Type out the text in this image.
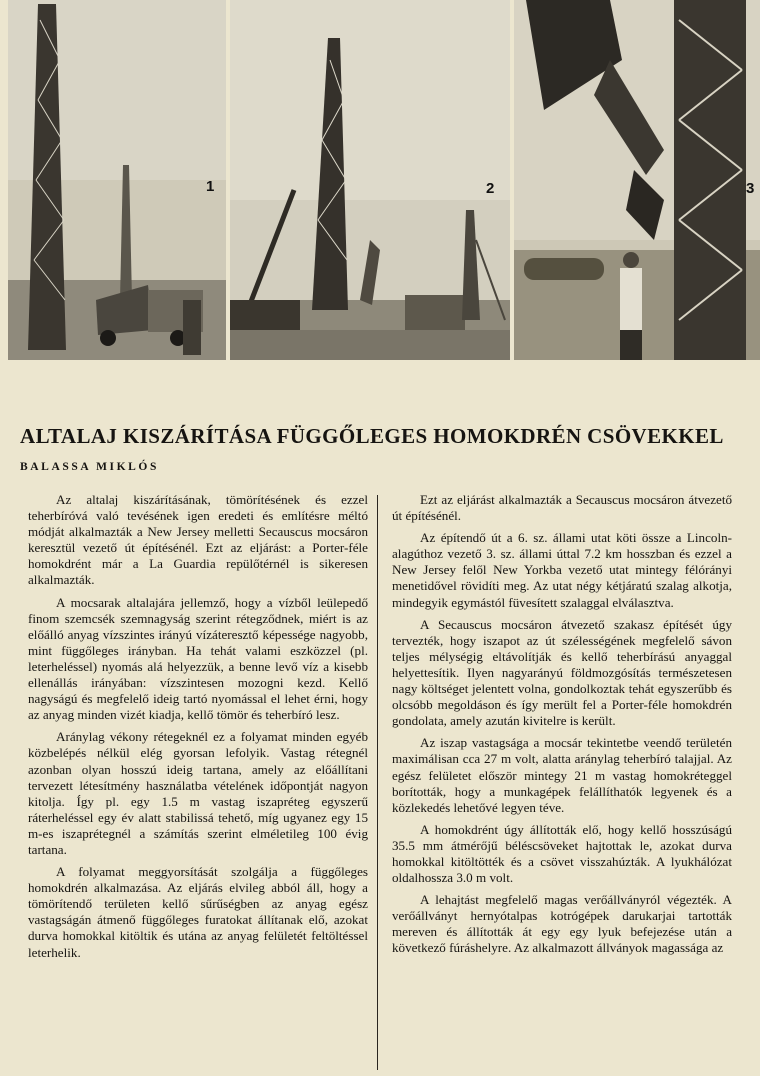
1	2	3
ALTALAJ KISZÁRÍTÁSA FÜGGŐLEGES HOMOKDRÉN CSÖVEKKEL
BALASSA MIKLÓS

Az altalaj kiszárításának, tömörítésének és ezzel teherbíróvá való tevésének igen eredeti és említésre méltó módját alkalmazták a New Jersey melletti Secauscus mocsáron keresztül vezető út építésénél. Ezt az eljárást: a Porter-féle homokdrént már a La Guardia repülőtérnél is sikeresen alkalmazták.

A mocsarak altalajára jellemző, hogy a vízből leülepedő finom szemcsék szemnagyság szerint rétegződnek, miért is az előálló anyag vízszintes irányú vízáteresztő képessége nagyobb, mint függőleges irányban. Ha tehát valami eszközzel (pl. leterheléssel) nyomás alá helyezzük, a benne levő víz a kisebb ellenállás irányában: vízszintesen mozogni kezd. Kellő nagyságú és megfelelő ideig tartó nyomással el lehet érni, hogy az anyag minden vizét kiadja, kellő tömör és teherbíró lesz.

Aránylag vékony rétegeknél ez a folyamat minden egyéb közbelépés nélkül elég gyorsan lefolyik. Vastag rétegnél azonban olyan hosszú ideig tartana, amely az előállítani tervezett létesítmény használatba vételének időpontját nagyon kitolja. Így pl. egy 1.5 m vastag iszapréteg egyszerű ráterheléssel egy év alatt stabilissá tehető, míg ugyanez egy 15 m-es iszaprétegnél a számítás szerint elméletileg 100 évig tartana.

A folyamat meggyorsítását szolgálja a függőleges homokdrén alkalmazása. Az eljárás elvileg abból áll, hogy a tömörítendő területen kellő sűrűségben az anyag egész vastagságán átmenő függőleges furatokat állítanak elő, azokat durva homokkal kitöltik és utána az anyag felületét feltöltéssel leterhelik.

Ezt az eljárást alkalmazták a Secauscus mocsáron átvezető út építésénél.

Az építendő út a 6. sz. állami utat köti össze a Lincoln-alagúthoz vezető 3. sz. állami úttal 7.2 km hosszban és ezzel a New Jersey felől New Yorkba vezető utat mintegy félórányi menetidővel rövidíti meg. Az utat négy kétjáratú szalag alkotja, mindegyik egymástól füvesített szalaggal elválasztva.

A Secauscus mocsáron átvezető szakasz építését úgy tervezték, hogy iszapot az út szélességének megfelelő sávon teljes mélységig eltávolítják és kellő teherbírású anyaggal helyettesítik. Ilyen nagyarányú földmozgósítás természetesen nagy költséget jelentett volna, gondolkoztak tehát egyszerűbb és olcsóbb megoldáson és így merült fel a Porter-féle homokdrén gondolata, amely azután kivitelre is került.

Az iszap vastagsága a mocsár tekintetbe veendő területén maximálisan cca 27 m volt, alatta aránylag teherbíró talajjal. Az egész felületet először mintegy 21 m vastag homokréteggel borították, hogy a munkagépek felállíthatók legyenek és a közlekedés lehetővé legyen téve.

A homokdrént úgy állították elő, hogy kellő hosszúságú 35.5 mm átmérőjű béléscsöveket hajtottak le, azokat durva homokkal kitöltötték és a csövet visszahúzták. A lyukhálózat oldalhossza 3.0 m volt.

A lehajtást megfelelő magas verőállványról végezték. A verőállványt hernyótalpas kotrógépek darukarjai tartották mereven és állították át egy egy lyuk befejezése után a következő fúráshelyre. Az alkalmazott állványok magassága az
